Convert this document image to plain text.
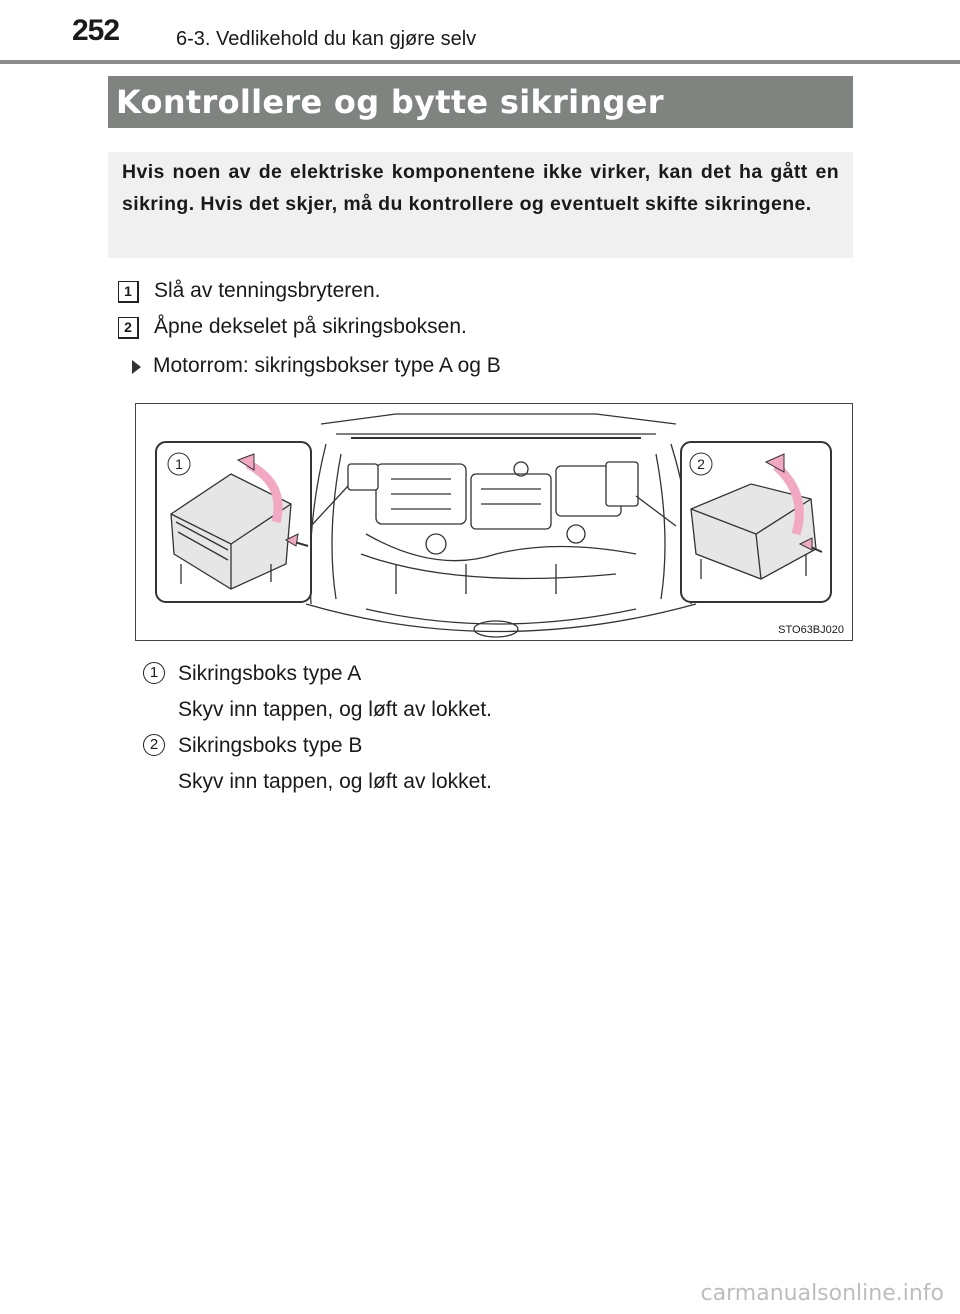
252	6-3. Vedlikehold du kan gjøre selv
Kontrollere og bytte sikringer

Hvis noen av de elektriske komponentene ikke virker, kan det ha gått en sikring. Hvis det skjer, må du kontrollere og eventuelt skifte sikringene.

1	Slå av tenningsbryteren.
2	Åpne dekselet på sikringsboksen.
Motorrom: sikringsbokser type A og B
1	2
STO63BJ020
1 Sikringsboks type A
Skyv inn tappen, og løft av lokket.
2 Sikringsboks type B
Skyv inn tappen, og løft av lokket.
carmanualsonline.info
